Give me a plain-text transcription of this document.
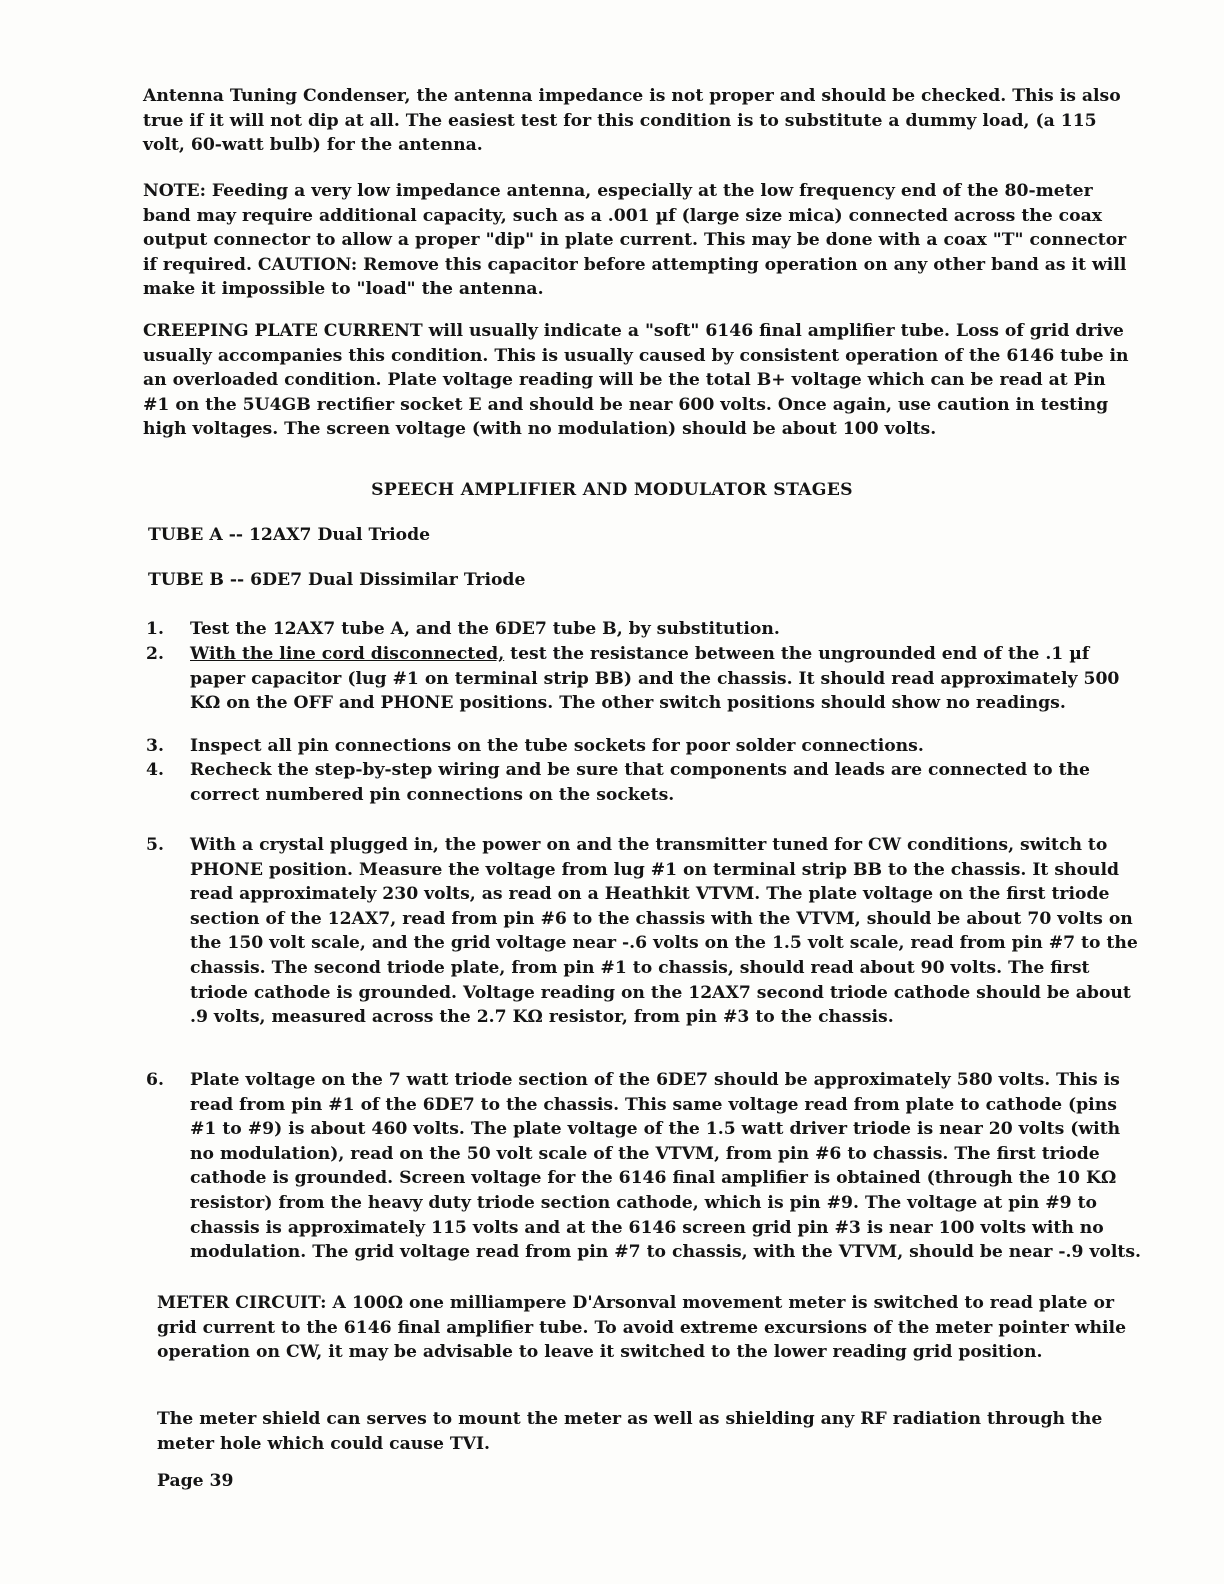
Antenna Tuning Condenser, the antenna impedance is not proper and should be checked. This is also true if it will not dip at all. The easiest test for this condition is to substitute a dummy load, (a 115 volt, 60-watt bulb) for the antenna.

NOTE: Feeding a very low impedance antenna, especially at the low frequency end of the 80-meter band may require additional capacity, such as a .001 µf (large size mica) connected across the coax output connector to allow a proper "dip" in plate current. This may be done with a coax "T" connector if required. CAUTION: Remove this capacitor before attempting operation on any other band as it will make it impossible to "load" the antenna.

CREEPING PLATE CURRENT will usually indicate a "soft" 6146 final amplifier tube. Loss of grid drive usually accompanies this condition. This is usually caused by consistent operation of the 6146 tube in an overloaded condition. Plate voltage reading will be the total B+ voltage which can be read at Pin #1 on the 5U4GB rectifier socket E and should be near 600 volts. Once again, use caution in testing high voltages. The screen voltage (with no modulation) should be about 100 volts.

SPEECH AMPLIFIER AND MODULATOR STAGES
TUBE A -- 12AX7 Dual Triode
TUBE B -- 6DE7 Dual Dissimilar Triode
1.	Test the 12AX7 tube A, and the 6DE7 tube B, by substitution.
2.	With the line cord disconnected, test the resistance between the ungrounded end of the .1 µf paper capacitor (lug #1 on terminal strip BB) and the chassis. It should read approximately 500 KΩ on the OFF and PHONE positions. The other switch positions should show no readings.
3.	Inspect all pin connections on the tube sockets for poor solder connections.
4.	Recheck the step-by-step wiring and be sure that components and leads are connected to the correct numbered pin connections on the sockets.
5.	With a crystal plugged in, the power on and the transmitter tuned for CW conditions, switch to PHONE position. Measure the voltage from lug #1 on terminal strip BB to the chassis. It should read approximately 230 volts, as read on a Heathkit VTVM. The plate voltage on the first triode section of the 12AX7, read from pin #6 to the chassis with the VTVM, should be about 70 volts on the 150 volt scale, and the grid voltage near -.6 volts on the 1.5 volt scale, read from pin #7 to the chassis. The second triode plate, from pin #1 to chassis, should read about 90 volts. The first triode cathode is grounded. Voltage reading on the 12AX7 second triode cathode should be about .9 volts, measured across the 2.7 KΩ resistor, from pin #3 to the chassis.
6.	Plate voltage on the 7 watt triode section of the 6DE7 should be approximately 580 volts. This is read from pin #1 of the 6DE7 to the chassis. This same voltage read from plate to cathode (pins #1 to #9) is about 460 volts. The plate voltage of the 1.5 watt driver triode is near 20 volts (with no modulation), read on the 50 volt scale of the VTVM, from pin #6 to chassis. The first triode cathode is grounded. Screen voltage for the 6146 final amplifier is obtained (through the 10 KΩ resistor) from the heavy duty triode section cathode, which is pin #9. The voltage at pin #9 to chassis is approximately 115 volts and at the 6146 screen grid pin #3 is near 100 volts with no modulation. The grid voltage read from pin #7 to chassis, with the VTVM, should be near -.9 volts.

METER CIRCUIT: A 100Ω one milliampere D'Arsonval movement meter is switched to read plate or grid current to the 6146 final amplifier tube. To avoid extreme excursions of the meter pointer while operation on CW, it may be advisable to leave it switched to the lower reading grid position.

The meter shield can serves to mount the meter as well as shielding any RF radiation through the meter hole which could cause TVI.

Page 39
